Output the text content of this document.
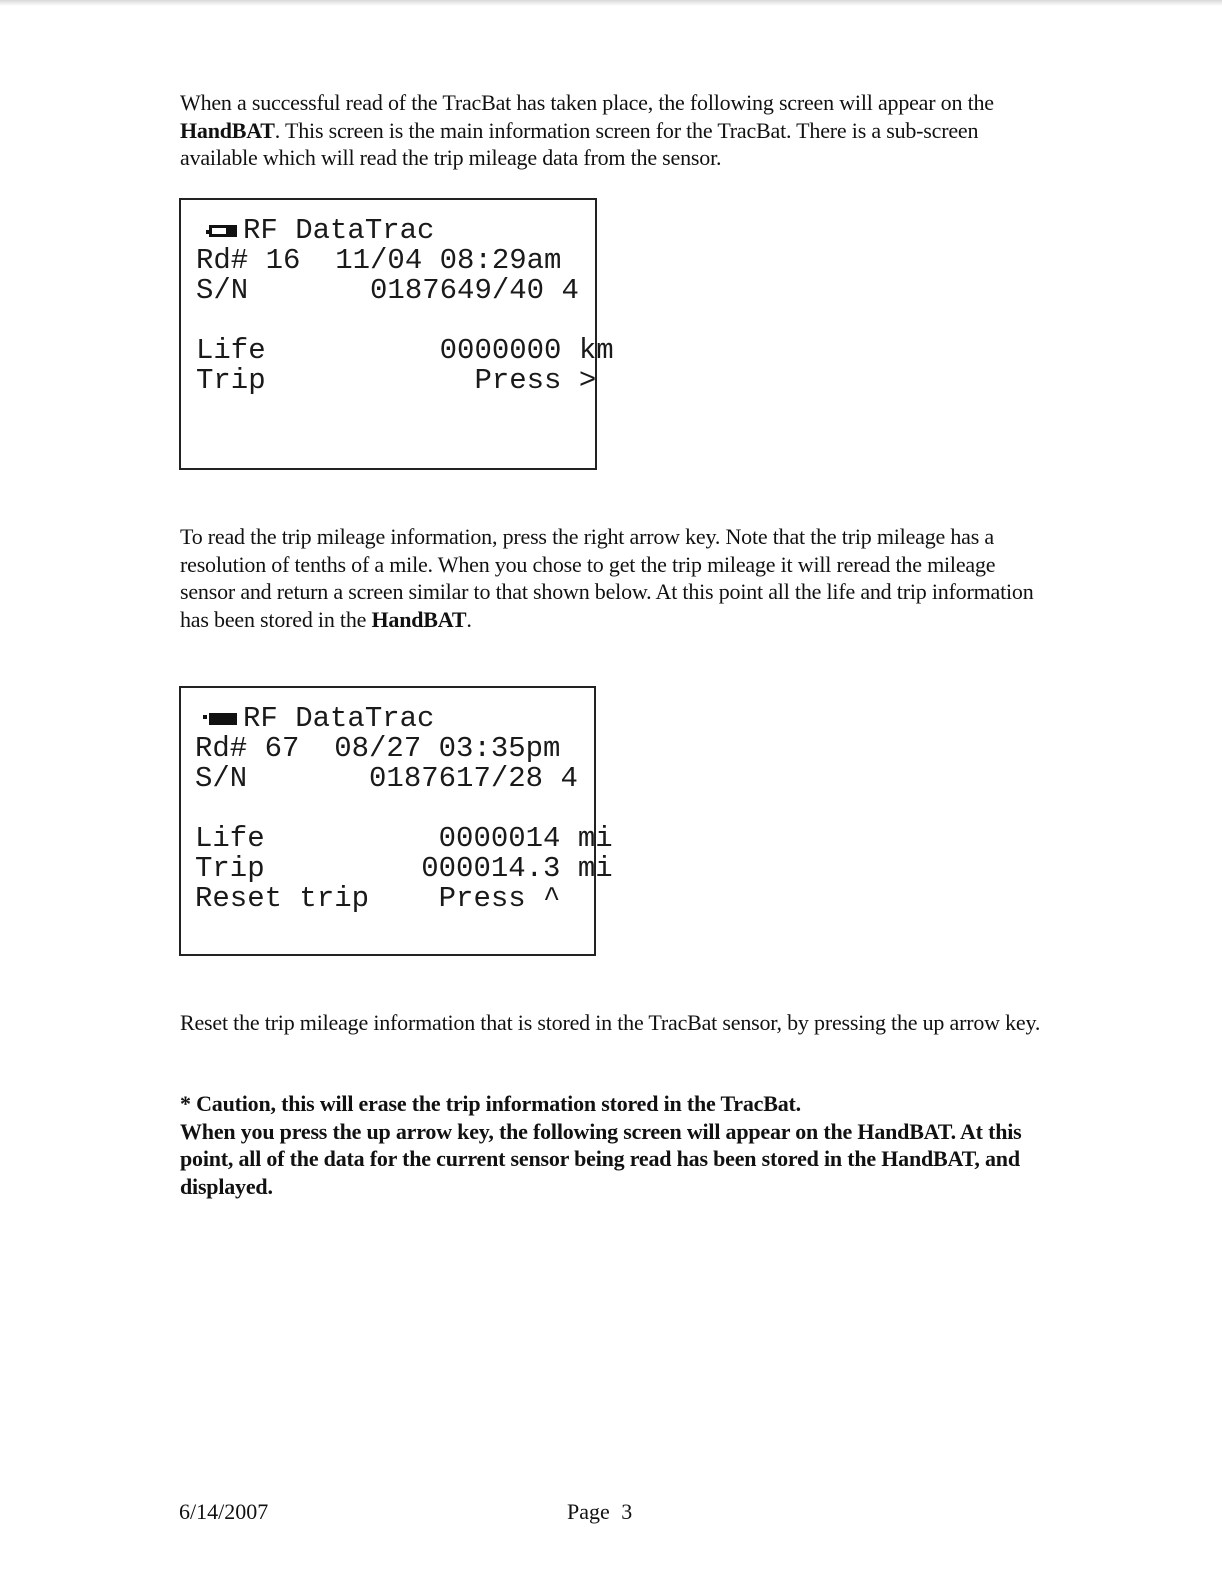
When a successful read of the TracBat has taken place, the following screen will appear on the HandBAT. This screen is the main information screen for the TracBat. There is a sub-screen available which will read the trip mileage data from the sensor.

RF DataTrac
Rd# 16  11/04 08:29am
S/N       0187649/40 4
Life          0000000 km
Trip            Press >

To read the trip mileage information, press the right arrow key. Note that the trip mileage has a resolution of tenths of a mile. When you chose to get the trip mileage it will reread the mileage sensor and return a screen similar to that shown below. At this point all the life and trip information has been stored in the HandBAT.

RF DataTrac
Rd# 67  08/27 03:35pm
S/N       0187617/28 4
Life          0000014 mi
Trip         000014.3 mi
Reset trip    Press ^

Reset the trip mileage information that is stored in the TracBat sensor, by pressing the up arrow key.

* Caution, this will erase the trip information stored in the TracBat.
When you press the up arrow key, the following screen will appear on the HandBAT. At this point, all of the data for the current sensor being read has been stored in the HandBAT, and displayed.

6/14/2007	Page 3
